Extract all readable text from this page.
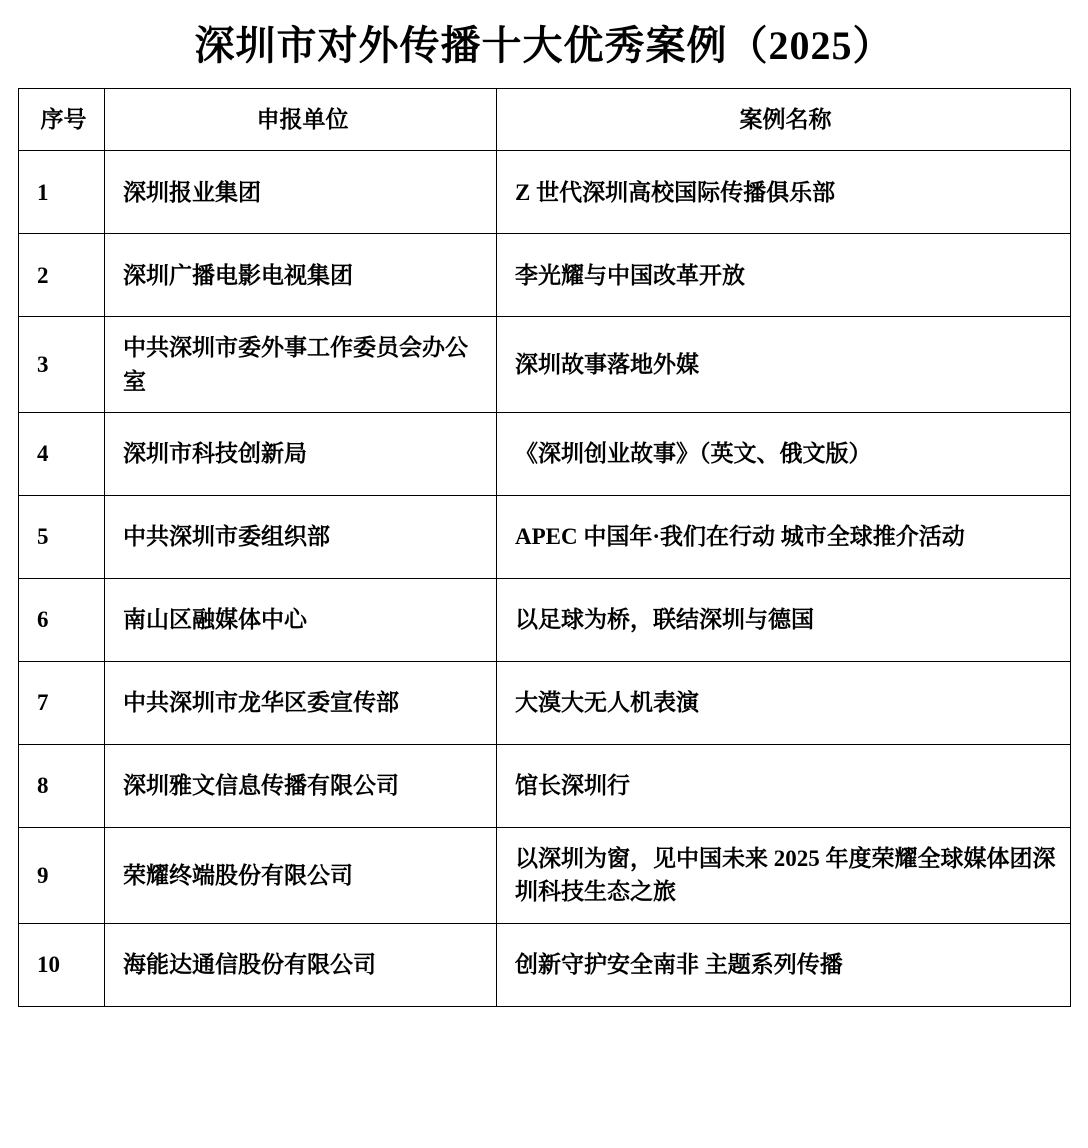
深圳市对外传播十大优秀案例（2025）
序号	申报单位	案例名称
1	深圳报业集团	Z 世代深圳高校国际传播俱乐部
2	深圳广播电影电视集团	李光耀与中国改革开放
3	中共深圳市委外事工作委员会办公室	深圳故事落地外媒
4	深圳市科技创新局	《深圳创业故事》（英文、俄文版）
5	中共深圳市委组织部	APEC 中国年·我们在行动 城市全球推介活动
6	南山区融媒体中心	以足球为桥，联结深圳与德国
7	中共深圳市龙华区委宣传部	大漠大无人机表演
8	深圳雅文信息传播有限公司	馆长深圳行
9	荣耀终端股份有限公司	以深圳为窗，见中国未来 2025 年度荣耀全球媒体团深圳科技生态之旅
10	海能达通信股份有限公司	创新守护安全南非 主题系列传播
